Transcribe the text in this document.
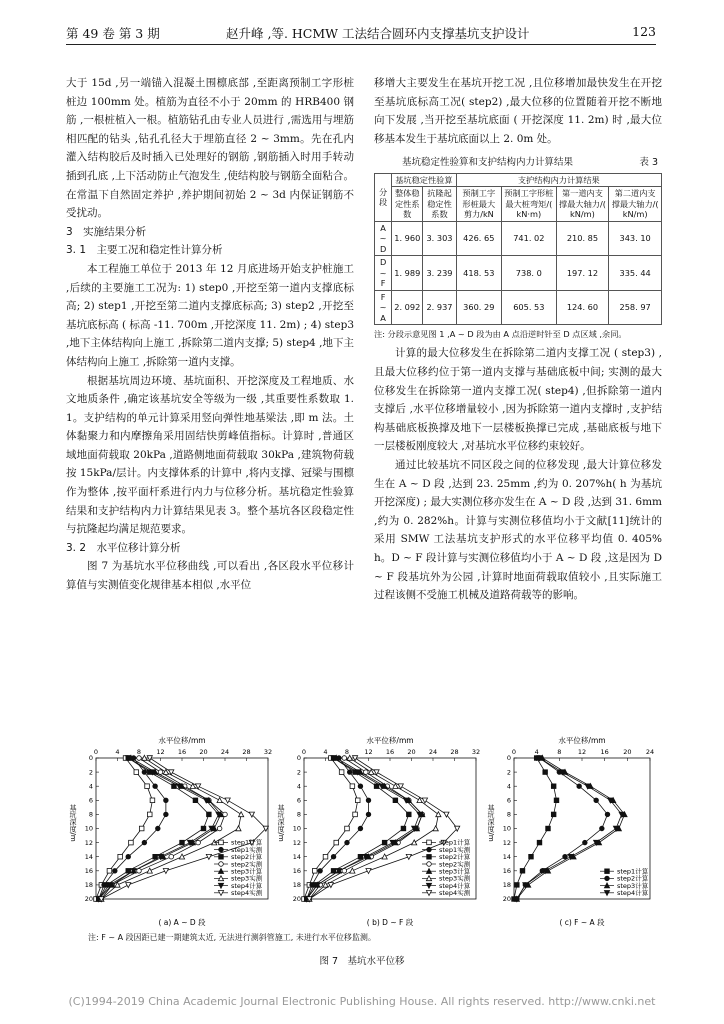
第 49 卷 第 3 期	赵升峰 ,等. HCMW 工法结合圆环内支撑基坑支护设计	123

大于 15d ,另一端锚入混凝土围檩底部 ,至距离预制工字形桩桩边 100mm 处。植筋为直径不小于 20mm 的 HRB400 钢筋 ,一根桩植入一根。植筋钻孔由专业人员进行 ,需选用与埋筋相匹配的钻头 ,钻孔孔径大于埋筋直径 2 ~ 3mm。先在孔内灌入结构胶后及时插入已处理好的钢筋 ,钢筋插入时用手转动插到孔底 ,上下活动防止气泡发生 ,使结构胶与钢筋全面粘合。在常温下自然固定养护 ,养护期间初始 2 ~ 3d 内保证钢筋不受扰动。

3　实施结果分析

3. 1　主要工况和稳定性计算分析

本工程施工单位于 2013 年 12 月底进场开始支护桩施工 ,后续的主要施工工况为: 1) step0 ,开挖至第一道内支撑底标高; 2) step1 ,开挖至第二道内支撑底标高; 3) step2 ,开挖至基坑底标高 ( 标高 -11. 700m ,开挖深度 11. 2m) ; 4) step3 ,地下主体结构向上施工 ,拆除第二道内支撑; 5) step4 ,地下主体结构向上施工 ,拆除第一道内支撑。

根据基坑周边环境、基坑面积、开挖深度及工程地质、水文地质条件 ,确定该基坑安全等级为一级 ,其重要性系数取 1. 1。支护结构的单元计算采用竖向弹性地基梁法 ,即 m 法。土体黏聚力和内摩擦角采用固结快剪峰值指标。计算时 ,普通区域地面荷载取 20kPa ,道路侧地面荷载取 30kPa ,建筑物荷载按 15kPa/层计。内支撑体系的计算中 ,将内支撑、冠梁与围檩作为整体 ,按平面杆系进行内力与位移分析。基坑稳定性验算结果和支护结构内力计算结果见表 3。整个基坑各区段稳定性与抗隆起均满足规范要求。

3. 2　水平位移计算分析

图 7 为基坑水平位移曲线 ,可以看出 ,各区段水平位移计算值与实测值变化规律基本相似 ,水平位

移增大主要发生在基坑开挖工况 ,且位移增加最快发生在开挖至基坑底标高工况( step2) ,最大位移的位置随着开挖不断地向下发展 ,当开挖至基坑底面 ( 开挖深度 11. 2m) 时 ,最大位移基本发生于基坑底面以上 2. 0m 处。

基坑稳定性验算和支护结构内力计算结果	表 3
分段	基坑稳定性验算		支护结构内力计算结果			
	整体稳定性系数	抗隆起稳定性系数	预制工字形桩最大剪力/kN	预制工字形桩最大桩弯矩/( kN·m)	第一道内支撑最大轴力/( kN/m)	第二道内支撑最大轴力/( kN/m)
A ~ D	1. 960	3. 303	426. 65	741. 02	210. 85	343. 10
D ~ F	1. 989	3. 239	418. 53	738. 0	197. 12	335. 44
F ~ A	2. 092	2. 937	360. 29	605. 53	124. 60	258. 97
注: 分段示意见图 1 ,A ~ D 段为由 A 点沿逆时针至 D 点区域 ,余同。

计算的最大位移发生在拆除第二道内支撑工况 ( step3) ,且最大位移约位于第一道内支撑与基础底板中间; 实测的最大位移发生在拆除第一道内支撑工况( step4) ,但拆除第一道内支撑后 ,水平位移增量较小 ,因为拆除第一道内支撑时 ,支护结构基础底板换撑及地下一层楼板换撑已完成 ,基础底板与地下一层楼板刚度较大 ,对基坑水平位移约束较好。

通过比较基坑不同区段之间的位移发现 ,最大计算位移发生在 A ~ D 段 ,达到 23. 25mm ,约为 0. 207%h( h 为基坑开挖深度) ; 最大实测位移亦发生在 A ~ D 段 ,达到 31. 6mm ,约为 0. 282%h。计算与实测位移值均小于文献[11]统计的采用 SMW 工法基坑支护形式的水平位移平均值 0. 405% h。D ~ F 段计算与实测位移值均小于 A ~ D 段 ,这是因为 D ~ F 段基坑外为公园 ,计算时地面荷载取值较小 ,且实际施工过程该侧不受施工机械及道路荷载等的影响。

水平位移/mm
0	4	8 12 16 20 24 28 32
0
2
4
6
8
10
12
14
16
18
20
基坑深度/m
step1计算
step1实测
step2计算
step2实测
step3计算
step3实测
step4计算
step4实测
( a) A ~ D 段
水平位移/mm
0	4	8 12 16 20 24 28 32
0
2
4
6
8
10
12
14
16
18
20
基坑深度/m
step1计算
step1实测
step2计算
step2实测
step3计算
step3实测
step4计算
step4实测
( b) D ~ F 段
水平位移/mm
0	4	8	12 16 20 24
0
2
4
6
8
10
12
14
16
18
20
基坑深度/m
step1计算
step2计算
step3计算
step4计算
( c) F ~ A 段
注: F ~ A 段因距已建一期建筑太近, 无法进行测斜管施工, 未进行水平位移监测。
图 7　基坑水平位移
(C)1994-2019 China Academic Journal Electronic Publishing House. All rights reserved. http://www.cnki.net
